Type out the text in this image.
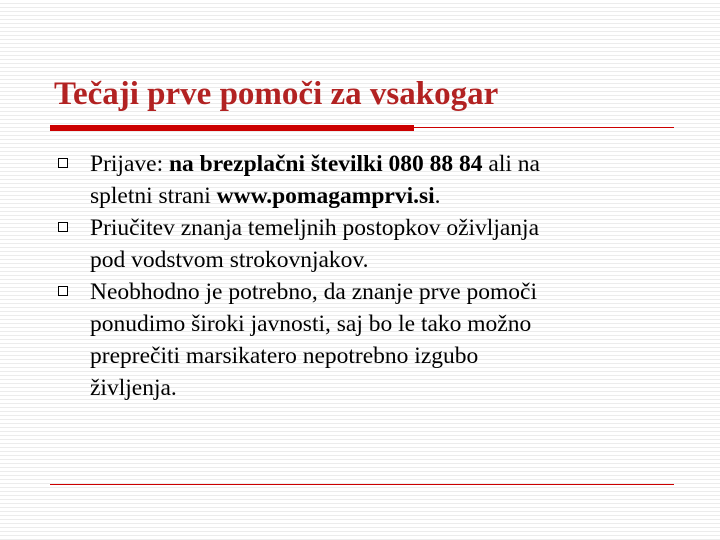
Tečaji prve pomoči za vsakogar
Prijave: na brezplačni številki 080 88 84 ali na
spletni strani www.pomagamprvi.si.
Priučitev znanja temeljnih postopkov oživljanja
pod vodstvom strokovnjakov.
Neobhodno je potrebno, da znanje prve pomoči
ponudimo široki javnosti, saj bo le tako možno
preprečiti marsikatero nepotrebno izgubo
življenja.
